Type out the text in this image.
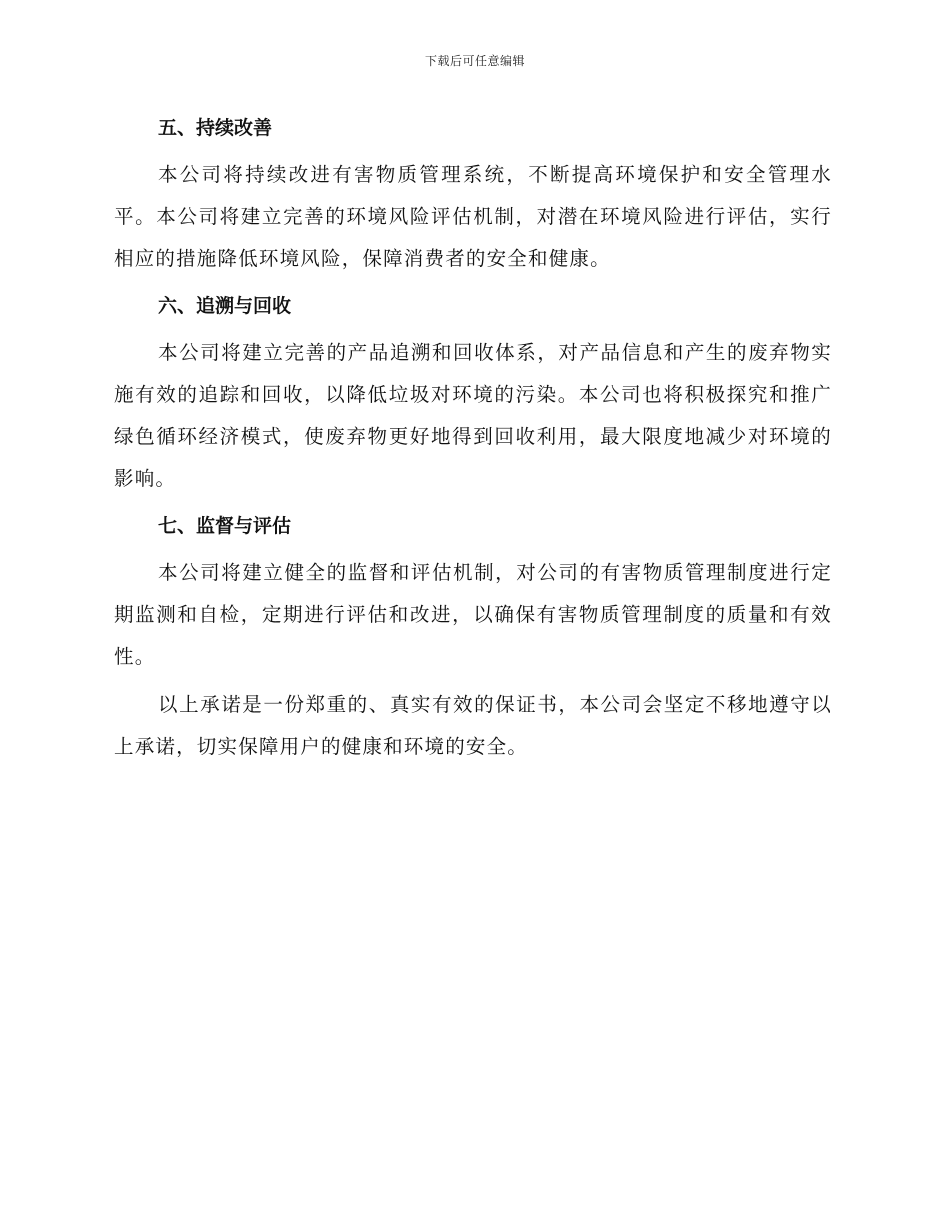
下载后可任意编辑
五、持续改善

本公司将持续改进有害物质管理系统，不断提高环境保护和安全管理水平。本公司将建立完善的环境风险评估机制，对潜在环境风险进行评估，实行相应的措施降低环境风险，保障消费者的安全和健康。

六、追溯与回收

本公司将建立完善的产品追溯和回收体系，对产品信息和产生的废弃物实施有效的追踪和回收，以降低垃圾对环境的污染。本公司也将积极探究和推广绿色循环经济模式，使废弃物更好地得到回收利用，最大限度地减少对环境的影响。

七、监督与评估

本公司将建立健全的监督和评估机制，对公司的有害物质管理制度进行定期监测和自检，定期进行评估和改进，以确保有害物质管理制度的质量和有效性。

以上承诺是一份郑重的、真实有效的保证书，本公司会坚定不移地遵守以上承诺，切实保障用户的健康和环境的安全。
